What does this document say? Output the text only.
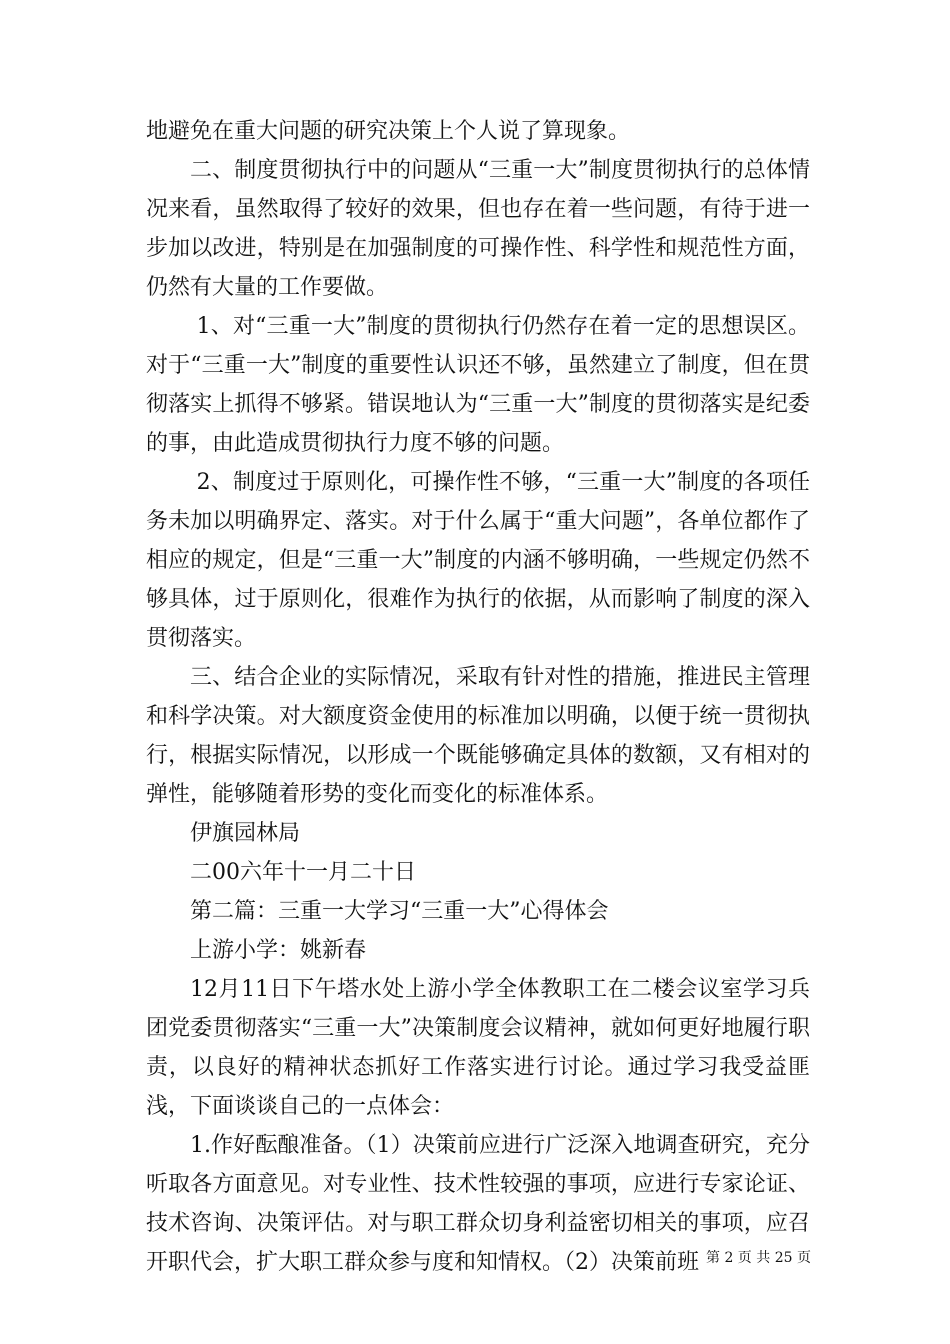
地避免在重大问题的研究决策上个人说了算现象。

二、制度贯彻执行中的问题从“三重一大”制度贯彻执行的总体情况来看，虽然取得了较好的效果，但也存在着一些问题，有待于进一步加以改进，特别是在加强制度的可操作性、科学性和规范性方面，仍然有大量的工作要做。

1、对“三重一大”制度的贯彻执行仍然存在着一定的思想误区。对于“三重一大”制度的重要性认识还不够，虽然建立了制度，但在贯彻落实上抓得不够紧。错误地认为“三重一大”制度的贯彻落实是纪委的事，由此造成贯彻执行力度不够的问题。

2、制度过于原则化，可操作性不够，“三重一大”制度的各项任务未加以明确界定、落实。对于什么属于“重大问题”，各单位都作了相应的规定，但是“三重一大”制度的内涵不够明确，一些规定仍然不够具体，过于原则化，很难作为执行的依据，从而影响了制度的深入贯彻落实。

三、结合企业的实际情况，采取有针对性的措施，推进民主管理和科学决策。对大额度资金使用的标准加以明确，以便于统一贯彻执行，根据实际情况，以形成一个既能够确定具体的数额，又有相对的弹性，能够随着形势的变化而变化的标准体系。

伊旗园林局

二00六年十一月二十日

第二篇：三重一大学习“三重一大”心得体会

上游小学：姚新春

12月11日下午塔水处上游小学全体教职工在二楼会议室学习兵团党委贯彻落实“三重一大”决策制度会议精神，就如何更好地履行职责，以良好的精神状态抓好工作落实进行讨论。通过学习我受益匪浅，下面谈谈自己的一点体会：

1.作好酝酿准备。（1）决策前应进行广泛深入地调查研究，充分听取各方面意见。对专业性、技术性较强的事项，应进行专家论证、技术咨询、决策评估。对与职工群众切身利益密切相关的事项，应召开职代会，扩大职工群众参与度和知情权。（2）决策前班 第 2 页 共 25 页
